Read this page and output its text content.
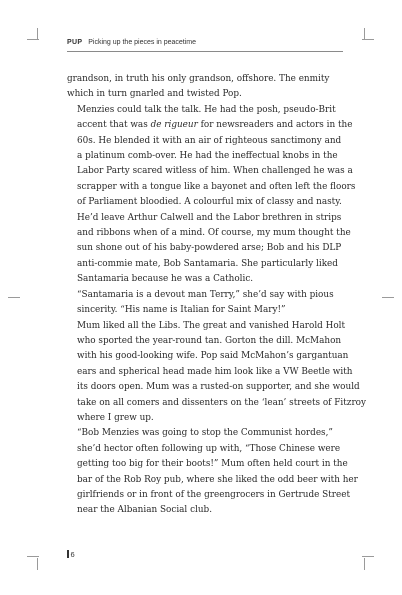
PUP Picking up the pieces in peacetime

grandson, in truth his only grandson, offshore. The enmity
which in turn gnarled and twisted Pop.

Menzies could talk the talk. He had the posh, pseudo-Brit
accent that was de rigueur for newsreaders and actors in the
60s. He blended it with an air of righteous sanctimony and
a platinum comb-over. He had the ineffectual knobs in the
Labor Party scared witless of him. When challenged he was a
scrapper with a tongue like a bayonet and often left the floors
of Parliament bloodied. A colourful mix of classy and nasty.
He’d leave Arthur Calwell and the Labor brethren in strips
and ribbons when of a mind. Of course, my mum thought the
sun shone out of his baby-powdered arse; Bob and his DLP
anti-commie mate, Bob Santamaria. She particularly liked
Santamaria because he was a Catholic.

“Santamaria is a devout man Terry,” she’d say with pious
sincerity. “His name is Italian for Saint Mary!”

Mum liked all the Libs. The great and vanished Harold Holt
who sported the year-round tan. Gorton the dill. McMahon
with his good-looking wife. Pop said McMahon’s gargantuan
ears and spherical head made him look like a VW Beetle with
its doors open. Mum was a rusted-on supporter, and she would
take on all comers and dissenters on the ‘lean’ streets of Fitzroy
where I grew up.

“Bob Menzies was going to stop the Communist hordes,”
she’d hector often following up with, “Those Chinese were
getting too big for their boots!” Mum often held court in the
bar of the Rob Roy pub, where she liked the odd beer with her
girlfriends or in front of the greengrocers in Gertrude Street
near the Albanian Social club.

6
